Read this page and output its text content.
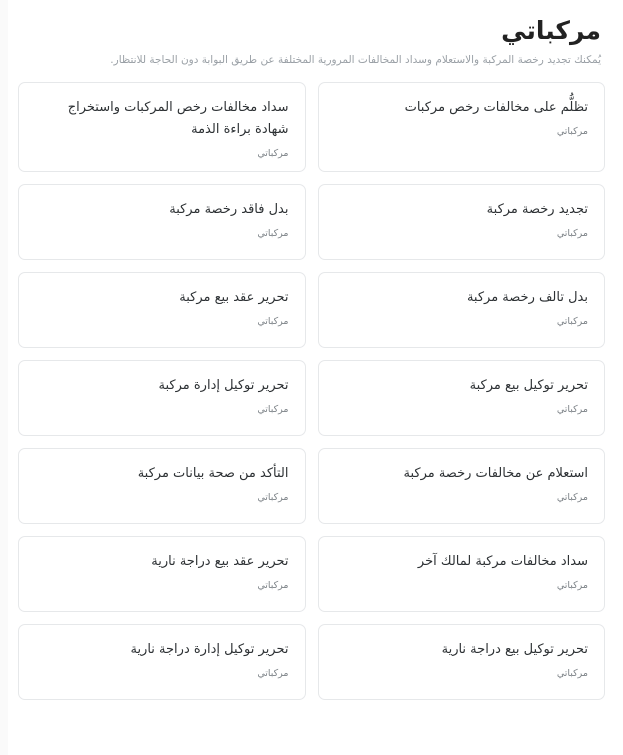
مركباتي

يُمكنك تجديد رخصة المركبة والاستعلام وسداد المخالفات المرورية المختلفة عن طريق البوابة دون الحاجة للانتظار.

تظلُّم على مخالفات رخص مركبات
مركباتي
سداد مخالفات رخص المركبات واستخراج شهادة براءة الذمة
مركباتي
تجديد رخصة مركبة
مركباتي
بدل فاقد رخصة مركبة
مركباتي
بدل تالف رخصة مركبة
مركباتي
تحرير عقد بيع مركبة
مركباتي
تحرير توكيل بيع مركبة
مركباتي
تحرير توكيل إدارة مركبة
مركباتي
استعلام عن مخالفات رخصة مركبة
مركباتي
التأكد من صحة بيانات مركبة
مركباتي
سداد مخالفات مركبة لمالك آخر
مركباتي
تحرير عقد بيع دراجة نارية
مركباتي
تحرير توكيل بيع دراجة نارية
مركباتي
تحرير توكيل إدارة دراجة نارية
مركباتي
